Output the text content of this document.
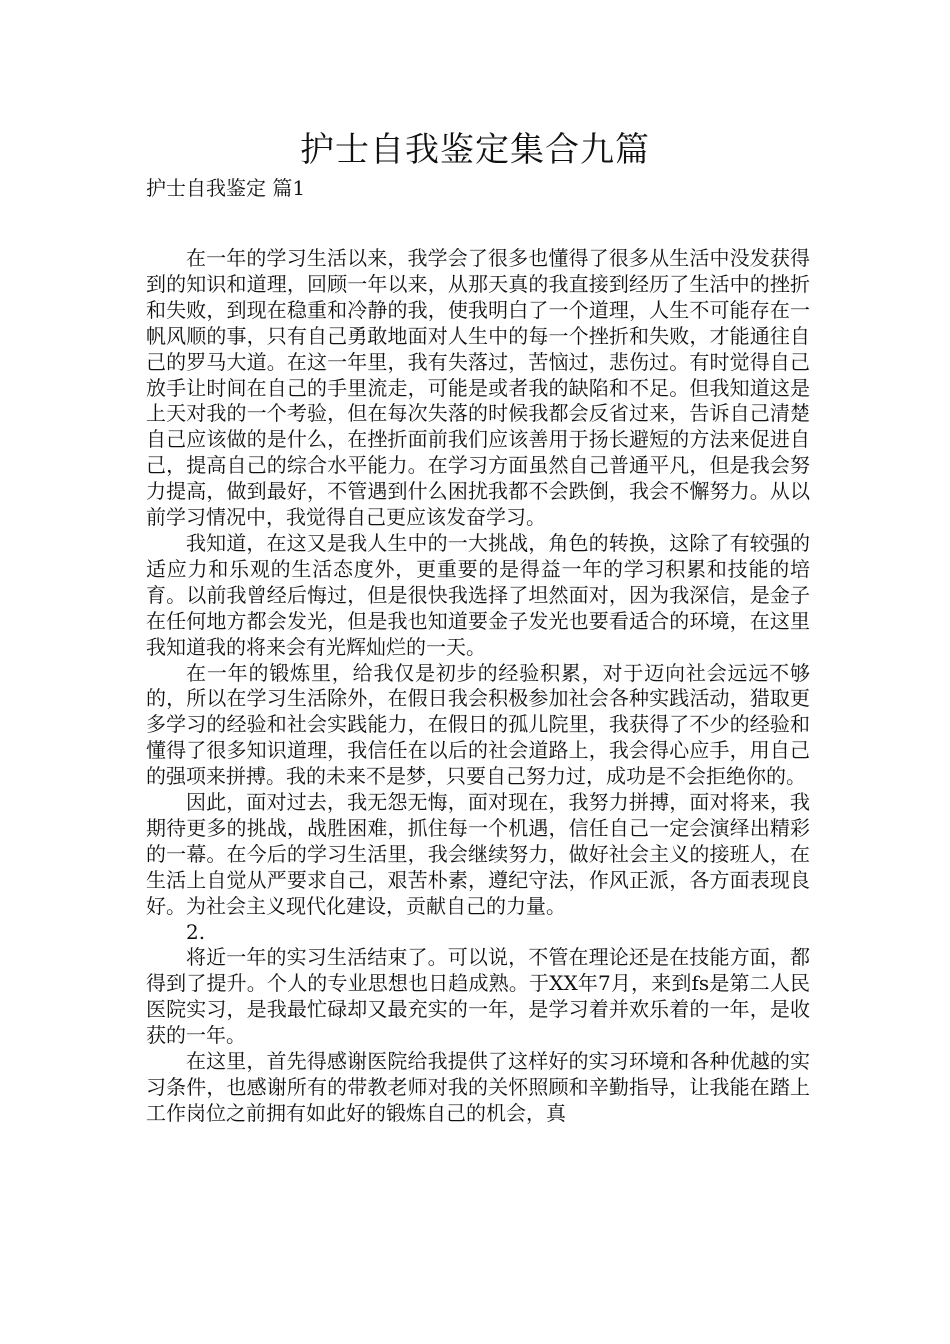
护士自我鉴定集合九篇
护士自我鉴定 篇1

在一年的学习生活以来，我学会了很多也懂得了很多从生活中没发获得到的知识和道理，回顾一年以来，从那天真的我直接到经历了生活中的挫折和失败，到现在稳重和冷静的我，使我明白了一个道理，人生不可能存在一帆风顺的事，只有自己勇敢地面对人生中的每一个挫折和失败，才能通往自己的罗马大道。在这一年里，我有失落过，苦恼过，悲伤过。有时觉得自己放手让时间在自己的手里流走，可能是或者我的缺陷和不足。但我知道这是上天对我的一个考验，但在每次失落的时候我都会反省过来，告诉自己清楚自己应该做的是什么，在挫折面前我们应该善用于扬长避短的方法来促进自己，提高自己的综合水平能力。在学习方面虽然自己普通平凡，但是我会努力提高，做到最好，不管遇到什么困扰我都不会跌倒，我会不懈努力。从以前学习情况中，我觉得自己更应该发奋学习。

我知道，在这又是我人生中的一大挑战，角色的转换，这除了有较强的适应力和乐观的生活态度外，更重要的是得益一年的学习积累和技能的培育。以前我曾经后悔过，但是很快我选择了坦然面对，因为我深信，是金子在任何地方都会发光，但是我也知道要金子发光也要看适合的环境，在这里我知道我的将来会有光辉灿烂的一天。

在一年的锻炼里，给我仅是初步的经验积累，对于迈向社会远远不够的，所以在学习生活除外，在假日我会积极参加社会各种实践活动，猎取更多学习的经验和社会实践能力，在假日的孤儿院里，我获得了不少的经验和懂得了很多知识道理，我信任在以后的社会道路上，我会得心应手，用自己的强项来拼搏。我的未来不是梦，只要自己努力过，成功是不会拒绝你的。

因此，面对过去，我无怨无悔，面对现在，我努力拼搏，面对将来，我期待更多的挑战，战胜困难，抓住每一个机遇，信任自己一定会演绎出精彩的一幕。在今后的学习生活里，我会继续努力，做好社会主义的接班人，在生活上自觉从严要求自己，艰苦朴素，遵纪守法，作风正派，各方面表现良好。为社会主义现代化建设，贡献自己的力量。

2.

将近一年的实习生活结束了。可以说，不管在理论还是在技能方面，都得到了提升。个人的专业思想也日趋成熟。于XX年7月，来到fs是第二人民医院实习，是我最忙碌却又最充实的一年，是学习着并欢乐着的一年，是收获的一年。

在这里，首先得感谢医院给我提供了这样好的实习环境和各种优越的实习条件，也感谢所有的带教老师对我的关怀照顾和辛勤指导，让我能在踏上工作岗位之前拥有如此好的锻炼自己的机会，真
